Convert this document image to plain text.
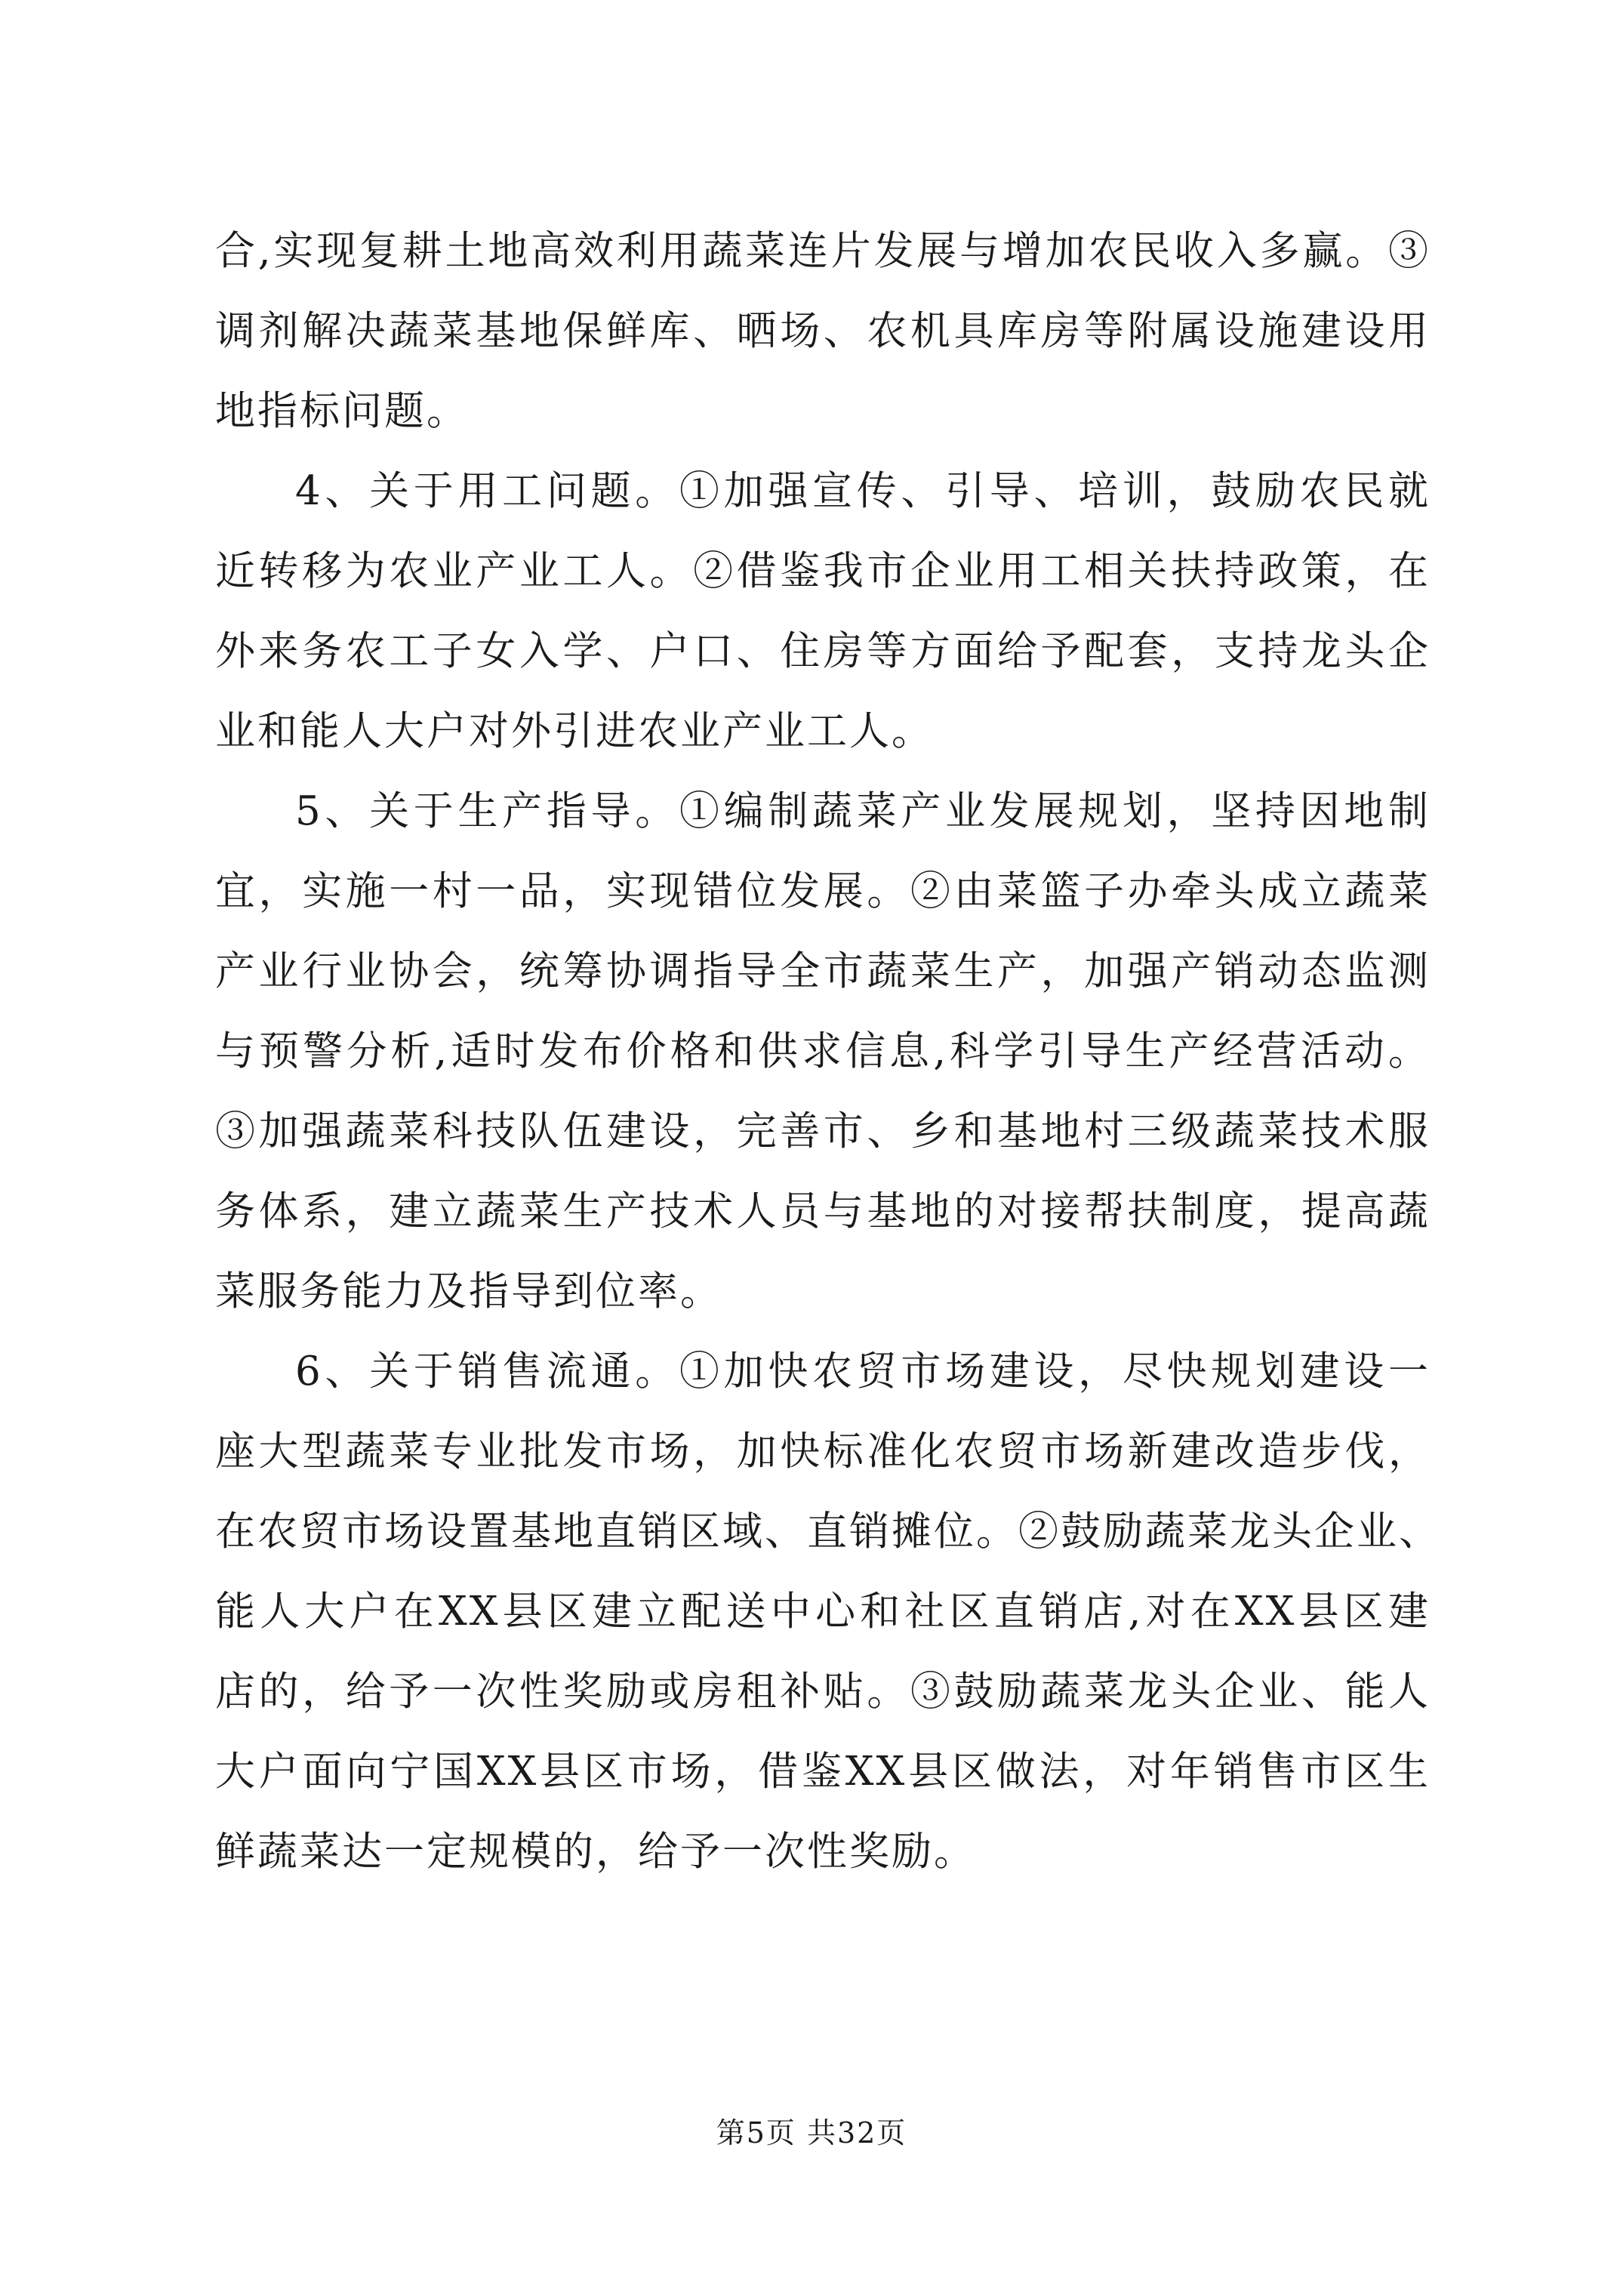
合,实现复耕土地高效利用蔬菜连片发展与增加农民收入多赢。③
调剂解决蔬菜基地保鲜库、晒场、农机具库房等附属设施建设用
地指标问题。

4、关于用工问题。①加强宣传、引导、培训，鼓励农民就
近转移为农业产业工人。②借鉴我市企业用工相关扶持政策，在
外来务农工子女入学、户口、住房等方面给予配套，支持龙头企
业和能人大户对外引进农业产业工人。

5、关于生产指导。①编制蔬菜产业发展规划，坚持因地制
宜，实施一村一品，实现错位发展。②由菜篮子办牵头成立蔬菜
产业行业协会，统筹协调指导全市蔬菜生产，加强产销动态监测
与预警分析,适时发布价格和供求信息,科学引导生产经营活动。
③加强蔬菜科技队伍建设，完善市、乡和基地村三级蔬菜技术服
务体系，建立蔬菜生产技术人员与基地的对接帮扶制度，提高蔬
菜服务能力及指导到位率。

6、关于销售流通。①加快农贸市场建设，尽快规划建设一
座大型蔬菜专业批发市场，加快标准化农贸市场新建改造步伐，
在农贸市场设置基地直销区域、直销摊位。②鼓励蔬菜龙头企业、
能人大户在XX县区建立配送中心和社区直销店,对在XX县区建
店的，给予一次性奖励或房租补贴。③鼓励蔬菜龙头企业、能人
大户面向宁国XX县区市场，借鉴XX县区做法，对年销售市区生
鲜蔬菜达一定规模的，给予一次性奖励。

第5页 共32页
